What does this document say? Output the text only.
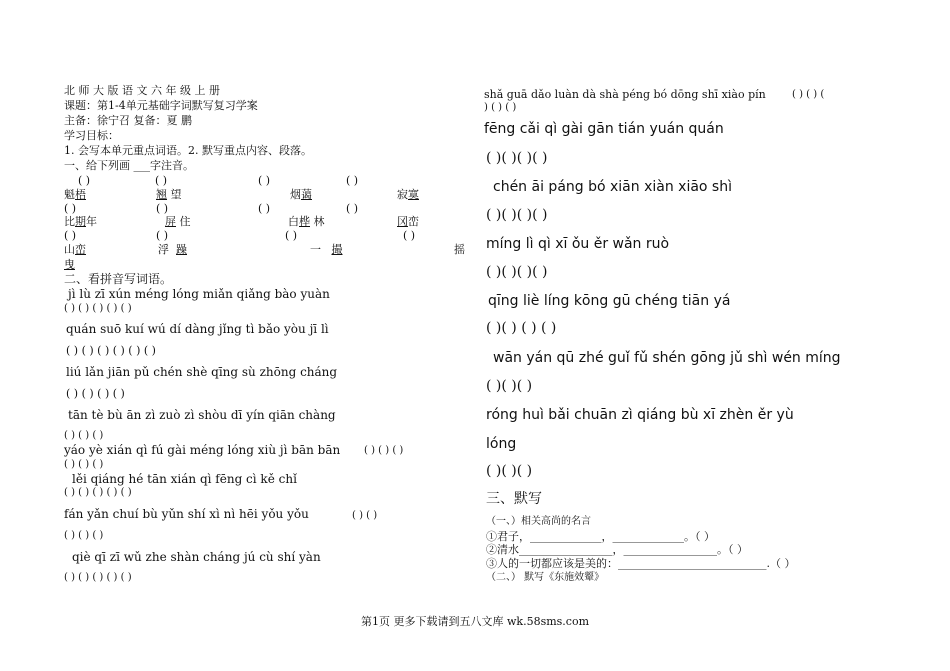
北 师 大 版 语 文 六 年 级 上 册
课题：第1-4单元基础字词默写复习学案
主备：徐宁召 复备：夏 鹏
学习目标：
1. 会写本单元重点词语。2. 默写重点内容、段落。
一、给下列画 ___字注音。
( )	( )	( )	( )
魁梧	翘 望	烟蔼	寂寞
( )	( )	( )	( )
比期年	屏 住	白桦 林	冈峦
( )	( )	( )	( )
山峦	浮 躁	一 撮	摇
曳
二、看拼音写词语。
jì lù zī xún méng lóng miǎn qiǎng bào yuàn
( ) ( ) ( ) ( ) ( )
quán suō kuí wú dí dàng jǐng tì bǎo yòu jī lì
( ) ( ) ( ) ( ) ( ) ( )
liú lǎn jiān pǔ chén shè qīng sù zhōng cháng
( ) ( ) ( ) ( )
tān tè bù ān zì zuò zì shòu dī yín qiān chàng
( ) ( ) ( )
yáo yè xián qì fú gài méng lóng xiù jì bān bān ( ) ( ) ( )
( ) ( ) ( )
lěi qiáng hé tān xián qì fēng cì kě chǐ
( ) ( ) ( ) ( ) ( )
fán yǎn chuí bù yǔn shí xì nì hēi yǒu yǒu	( ) ( )
( ) ( ) ( )
qiè qī zī wǔ zhe shàn cháng jú cù shí yàn
( ) ( ) ( ) ( ) ( )
shǎ guā dǎo luàn dà shà péng bó dōng shī xiào pín	( ) ( ) (
) ( ) ( )
fēng cǎi qì gài gān tián yuán quán
( )( )( )( )
chén āi páng bó xiān xiàn xiāo shì
( )( )( )( )
míng lì qì xī ǒu ěr wǎn ruò
( )( )( )( )
qīng liè líng kōng gū chéng tiān yá
( )( ) ( ) ( )
wān yán qū zhé guǐ fǔ shén gōng jǔ shì wén míng
( )( )( )
róng huì bǎi chuān zì qiáng bù xī zhèn ěr yù
lóng
( )( )( )
三、默写
（一、）相关高尚的名言
①君子，_____________，_____________。（ ）
②清水_________________，_________________。（ ）
③人的一切都应该是美的：___________________________.（ ）
（二、） 默写《东施效颦》
第1页 更多下载请到五八文库 wk.58sms.com
